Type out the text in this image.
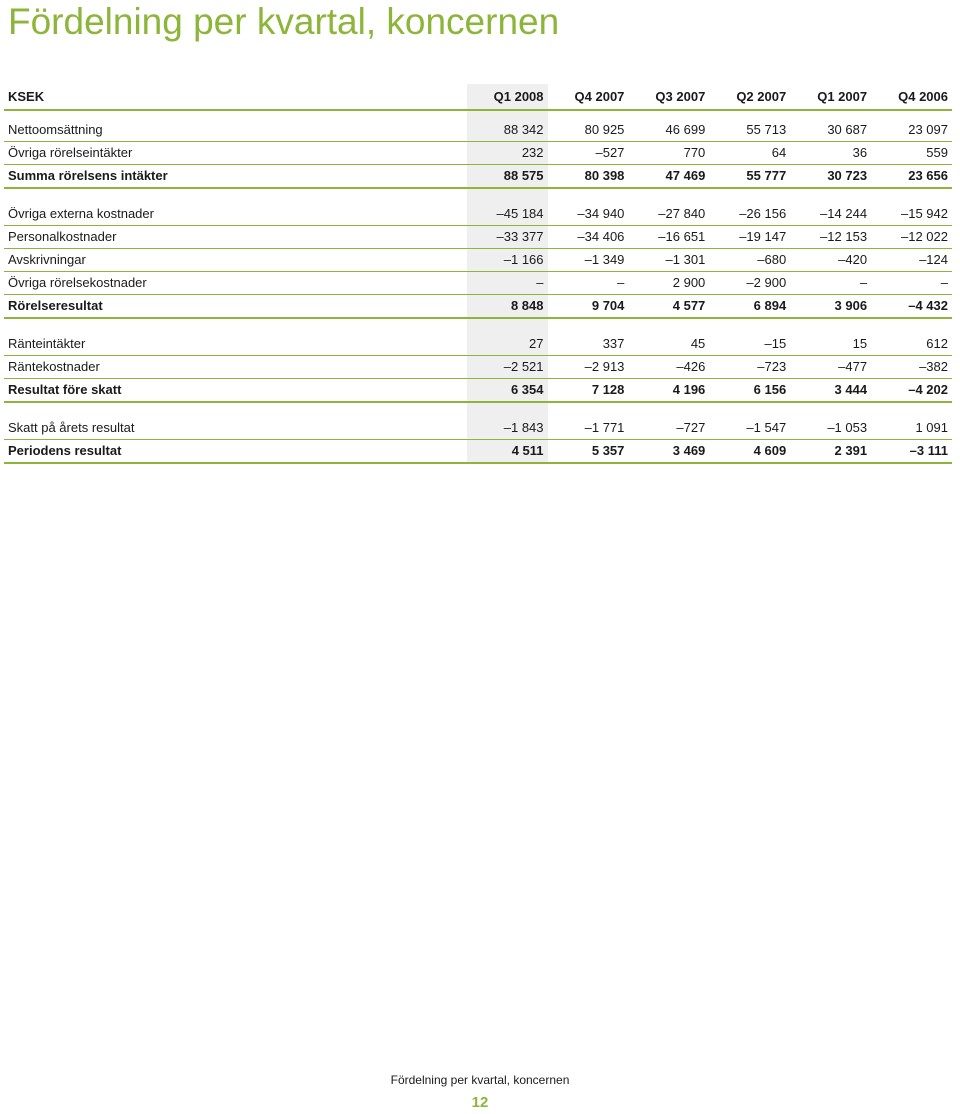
Fördelning per kvartal, koncernen
KSEK	Q1 2008	Q4 2007	Q3 2007	Q2 2007	Q1 2007	Q4 2006

Nettoomsättning	88 342	80 925	46 699	55 713	30 687	23 097
Övriga rörelseintäkter	232	–527	770	64	36	559
Summa rörelsens intäkter	88 575	80 398	47 469	55 777	30 723	23 656

Övriga externa kostnader	–45 184	–34 940	–27 840	–26 156	–14 244	–15 942
Personalkostnader	–33 377	–34 406	–16 651	–19 147	–12 153	–12 022
Avskrivningar	–1 166	–1 349	–1 301	–680	–420	–124
Övriga rörelsekostnader	–	–	2 900	–2 900	–	–
Rörelseresultat	8 848	9 704	4 577	6 894	3 906	–4 432

Ränteintäkter	27	337	45	–15	15	612
Räntekostnader	–2 521	–2 913	–426	–723	–477	–382
Resultat före skatt	6 354	7 128	4 196	6 156	3 444	–4 202

Skatt på årets resultat	–1 843	–1 771	–727	–1 547	–1 053	1 091
Periodens resultat	4 511	5 357	3 469	4 609	2 391	–3 111
Fördelning per kvartal, koncernen
12
